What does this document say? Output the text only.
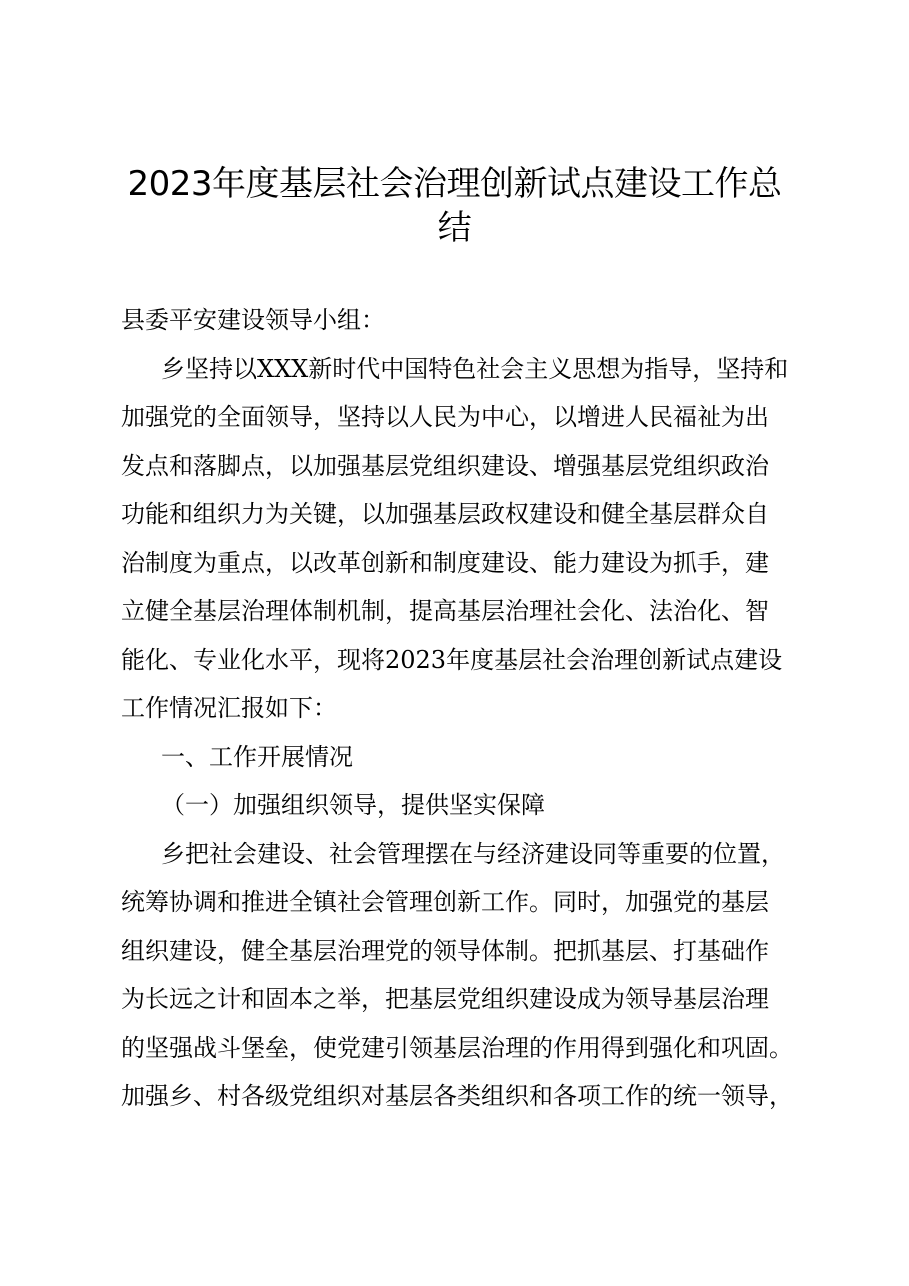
2023年度基层社会治理创新试点建设工作总
结
县委平安建设领导小组：
乡坚持以XXX新时代中国特色社会主义思想为指导，坚持和
加强党的全面领导，坚持以人民为中心，以增进人民福祉为出
发点和落脚点，以加强基层党组织建设、增强基层党组织政治
功能和组织力为关键，以加强基层政权建设和健全基层群众自
治制度为重点，以改革创新和制度建设、能力建设为抓手，建
立健全基层治理体制机制，提高基层治理社会化、法治化、智
能化、专业化水平，现将2023年度基层社会治理创新试点建设
工作情况汇报如下：
一、工作开展情况
（一）加强组织领导，提供坚实保障
乡把社会建设、社会管理摆在与经济建设同等重要的位置，
统筹协调和推进全镇社会管理创新工作。同时，加强党的基层
组织建设，健全基层治理党的领导体制。把抓基层、打基础作
为长远之计和固本之举，把基层党组织建设成为领导基层治理
的坚强战斗堡垒，使党建引领基层治理的作用得到强化和巩固。
加强乡、村各级党组织对基层各类组织和各项工作的统一领导，
